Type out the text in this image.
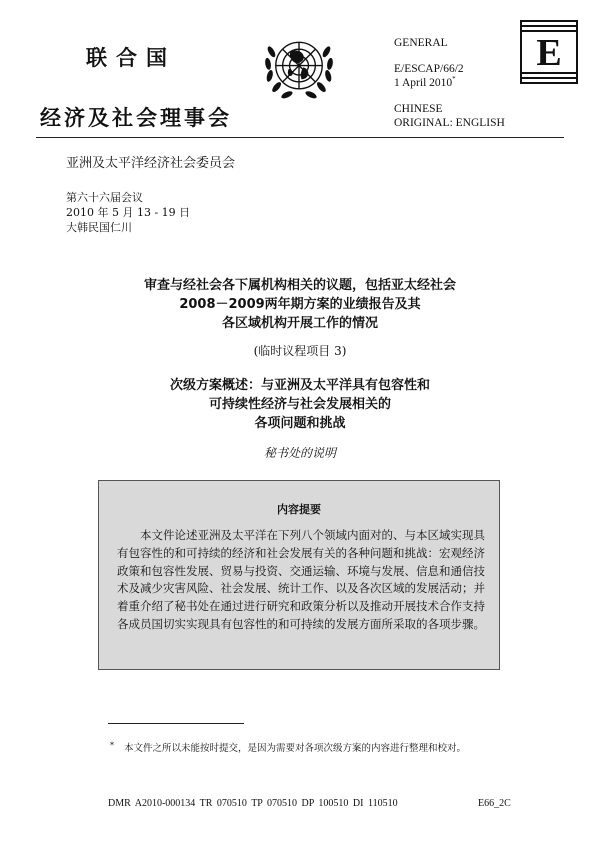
联合国
经济及社会理事会
GENERAL
E/ESCAP/66/2
1 April 2010*
CHINESE
ORIGINAL: ENGLISH
E
亚洲及太平洋经济社会委员会
第六十六届会议
2010 年 5 月 13 - 19 日
大韩民国仁川
审查与经社会各下属机构相关的议题，包括亚太经社会
2008－2009两年期方案的业绩报告及其
各区域机构开展工作的情况
(临时议程项目 3)
次级方案概述：与亚洲及太平洋具有包容性和
可持续性经济与社会发展相关的
各项问题和挑战
秘书处的说明
内容提要
本文件论述亚洲及太平洋在下列八个领域内面对的、与本区域实现具有包容性的和可持续的经济和社会发展有关的各种问题和挑战：宏观经济政策和包容性发展、贸易与投资、交通运输、环境与发展、信息和通信技术及减少灾害风险、社会发展、统计工作、以及各次区域的发展活动；并着重介绍了秘书处在通过进行研究和政策分析以及推动开展技术合作支持各成员国切实实现具有包容性的和可持续的发展方面所采取的各项步骤。
* 本文件之所以未能按时提交，是因为需要对各项次级方案的内容进行整理和校对。
DMR A2010-000134 TR 070510 TP 070510 DP 100510 DI 110510	E66_2C
